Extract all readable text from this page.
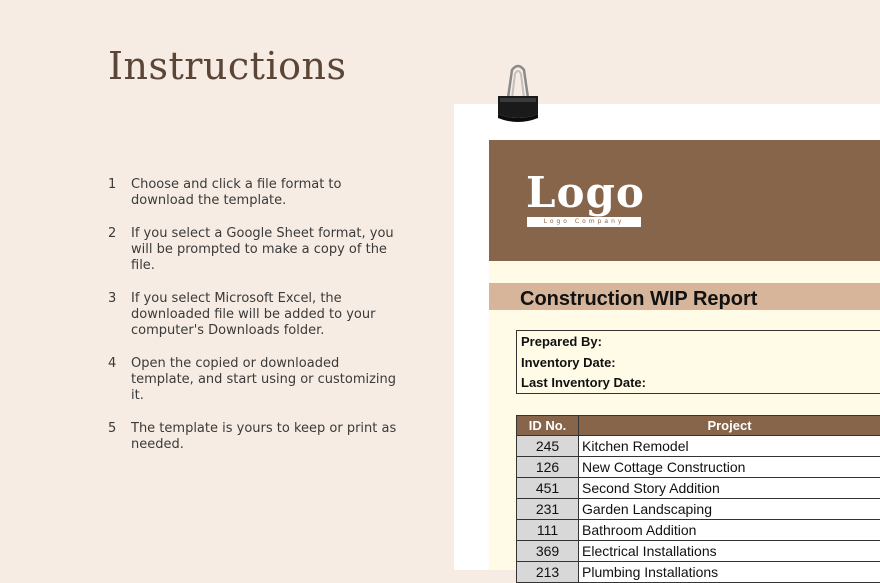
Instructions
1	Choose and click a file format to download the template.
2	If you select a Google Sheet format, you will be prompted to make a copy of the file.
3	If you select Microsoft Excel, the downloaded file will be added to your computer's Downloads folder.
4	Open the copied or downloaded template, and start using or customizing it.
5	The template is yours to keep or print as needed.
Logo
Logo Company
Construction WIP Report
Prepared By:
Inventory Date:
Last Inventory Date:
ID No.	Project
245	Kitchen Remodel
126	New Cottage Construction
451	Second Story Addition
231	Garden Landscaping
111	Bathroom Addition
369	Electrical Installations
213	Plumbing Installations
